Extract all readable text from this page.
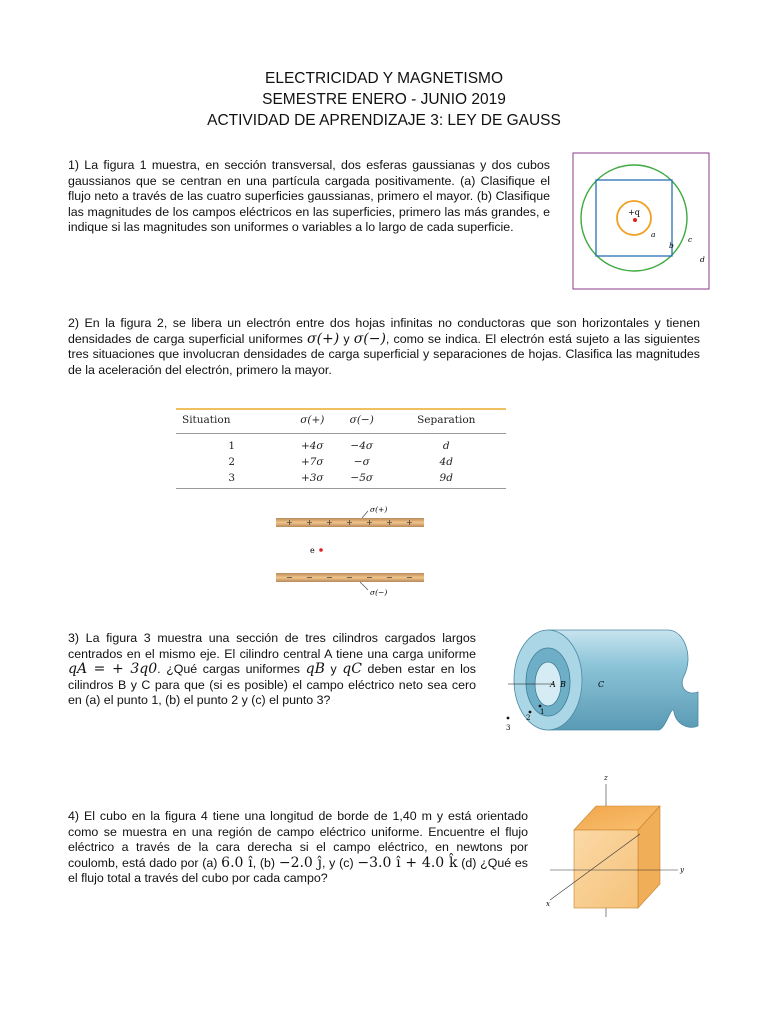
ELECTRICIDAD Y MAGNETISMO
SEMESTRE ENERO - JUNIO 2019
ACTIVIDAD DE APRENDIZAJE 3: LEY DE GAUSS
1) La figura 1 muestra, en sección transversal, dos esferas gaussianas y dos cubos gaussianos que se centran en una partícula cargada positivamente. (a) Clasifique el flujo neto a través de las cuatro superficies gaussianas, primero el mayor. (b) Clasifique las magnitudes de los campos eléctricos en las superficies, primero las más grandes, e indique si las magnitudes son uniformes o variables a lo largo de cada superficie.
+q
a
b
c
d
2) En la figura 2, se libera un electrón entre dos hojas infinitas no conductoras que son horizontales y tienen densidades de carga superficial uniformes σ(+) y σ(−), como se indica. El electrón está sujeto a las siguientes tres situaciones que involucran densidades de carga superficial y separaciones de hojas. Clasifica las magnitudes de la aceleración del electrón, primero la mayor.
Situation	σ(+)	σ(−)	Separation
1	+4σ	−4σ	d
2	+7σ	−σ	4d
3	+3σ	−5σ	9d
σ(+)
+ + + + + + +
e
− − − − − − −
σ(−)
3) La figura 3 muestra una sección de tres cilindros cargados largos centrados en el mismo eje. El cilindro central A tiene una carga uniforme qA = + 3q0. ¿Qué cargas uniformes qB y qC deben estar en los cilindros B y C para que (si es posible) el campo eléctrico neto sea cero en (a) el punto 1, (b) el punto 2 y (c) el punto 3?
A B	C
1
2
3
4) El cubo en la figura 4 tiene una longitud de borde de 1,40 m y está orientado como se muestra en una región de campo eléctrico uniforme. Encuentre el flujo eléctrico a través de la cara derecha si el campo eléctrico, en newtons por coulomb, está dado por (a) 6.0 î, (b) −2.0 ĵ, y (c) −3.0 î + 4.0 k̂ (d) ¿Qué es el flujo total a través del cubo por cada campo?
z
y
x
